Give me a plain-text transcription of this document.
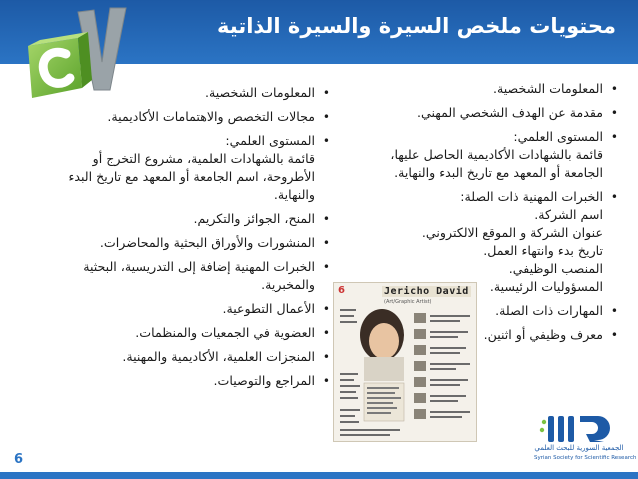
محتويات ملخص السيرة والسيرة الذاتية
• المعلومات الشخصية.
• مقدمة عن الهدف الشخصي المهني.
• المستوى العلمي:
قائمة بالشهادات الأكاديمية الحاصل عليها،
الجامعة أو المعهد مع تاريخ البدء والنهاية.
• الخبرات المهنية ذات الصلة:
اسم الشركة.
عنوان الشركة و الموقع الالكتروني.
تاريخ بدء وانتهاء العمل.
المنصب الوظيفي.
المسؤوليات الرئيسية.
• المهارات ذات الصلة.
• معرف وظيفي أو اثنين.
• المعلومات الشخصية.
• مجالات التخصص والاهتمامات الأكاديمية.
• المستوى العلمي:
قائمة بالشهادات العلمية، مشروع التخرج أو
الأطروحة، اسم الجامعة أو المعهد مع تاريخ البدء
والنهاية.
• المنح، الجوائز والتكريم.
• المنشورات والأوراق البحثية والمحاضرات.
• الخبرات المهنية إضافة إلى التدريسية، البحثية
والمخبرية.
• الأعمال التطوعية.
• العضوية في الجمعيات والمنظمات.
• المنجزات العلمية، الأكاديمية والمهنية.
• المراجع والتوصيات.
6	Jericho David
(Art/Graphic Artist)
الجمعية السورية للبحث العلمي
Syrian Society for Scientific Research
6
